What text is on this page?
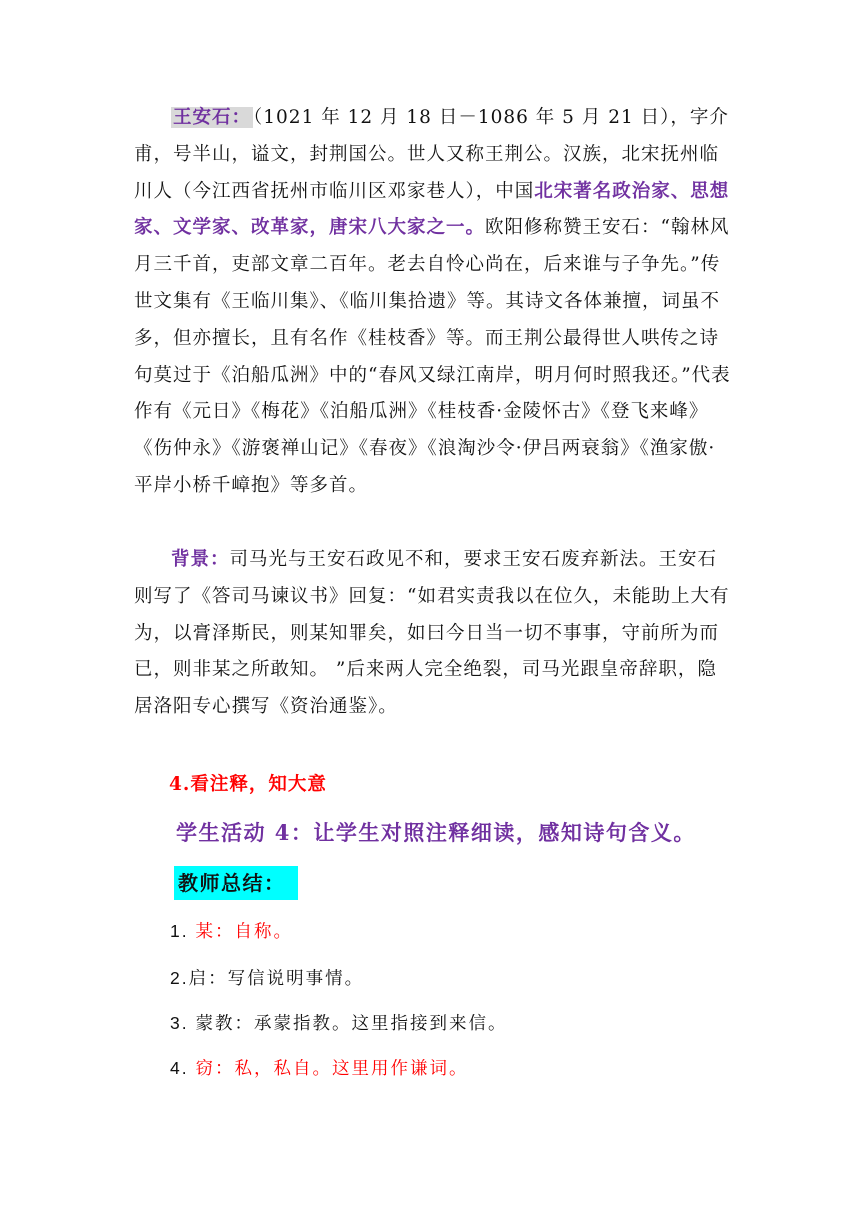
王安石： （1021 年 12 月 18 日－1086 年 5 月 21 日），字介甫，号半山，谥文，封荆国公。世人又称王荆公。汉族，北宋抚州临川人（今江西省抚州市临川区邓家巷人），中国北宋著名政治家、思想家、文学家、改革家，唐宋八大家之一。欧阳修称赞王安石：“翰林风月三千首，吏部文章二百年。老去自怜心尚在，后来谁与子争先。”传世文集有《王临川集》、《临川集拾遗》等。其诗文各体兼擅，词虽不多，但亦擅长，且有名作《桂枝香》等。而王荆公最得世人哄传之诗句莫过于《泊船瓜洲》中的“春风又绿江南岸，明月何时照我还。”代表作有《元日》《梅花》《泊船瓜洲》《桂枝香·金陵怀古》《登飞来峰》《伤仲永》《游褒禅山记》《春夜》《浪淘沙令·伊吕两衰翁》《渔家傲·平岸小桥千嶂抱》等多首。

背景：司马光与王安石政见不和，要求王安石废弃新法。王安石则写了《答司马谏议书》回复：“如君实责我以在位久，未能助上大有为，以膏泽斯民，则某知罪矣，如曰今日当一切不事事，守前所为而已，则非某之所敢知。 ”后来两人完全绝裂，司马光跟皇帝辞职，隐居洛阳专心撰写《资治通鉴》。

4.看注释，知大意

学生活动 4：让学生对照注释细读，感知诗句含义。

教师总结：

1. 某：自称。

2.启：写信说明事情。

3. 蒙教：承蒙指教。这里指接到来信。

4. 窃：私，私自。这里用作谦词。
